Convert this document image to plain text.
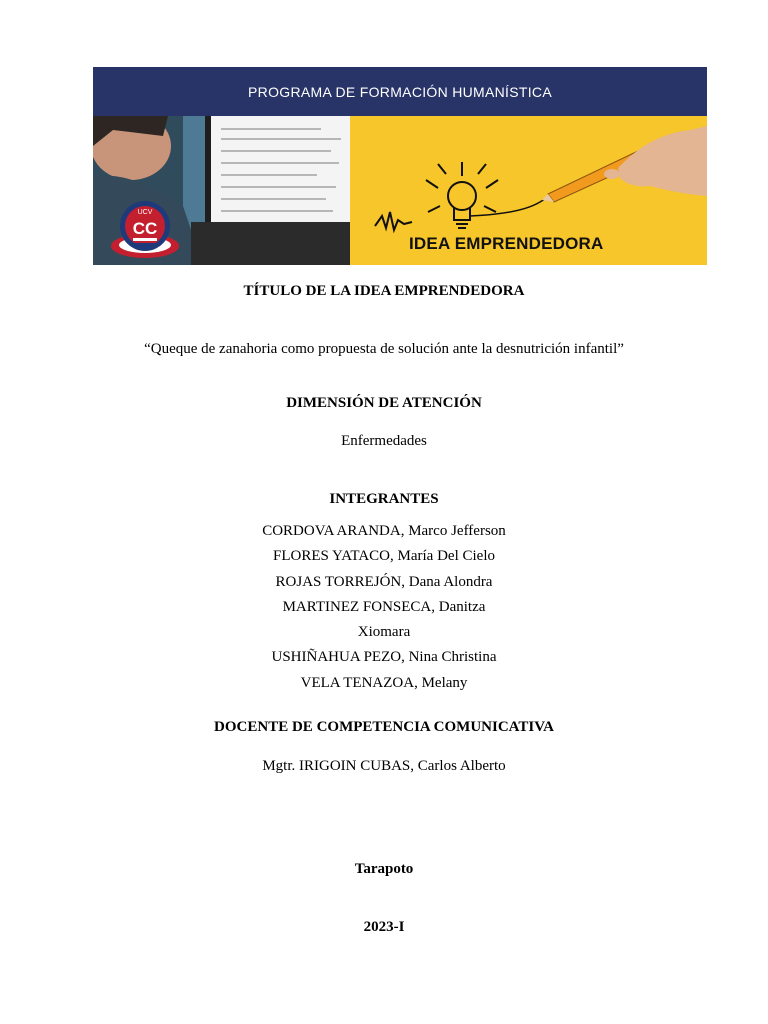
PROGRAMA DE FORMACIÓN HUMANÍSTICA
UCV
CC
IDEA EMPRENDEDORA
TÍTULO DE LA IDEA EMPRENDEDORA
“Queque de zanahoria como propuesta de solución ante la desnutrición infantil”
DIMENSIÓN DE ATENCIÓN
Enfermedades
INTEGRANTES
CORDOVA ARANDA, Marco Jefferson
FLORES YATACO, María Del Cielo
ROJAS TORREJÓN, Dana Alondra
MARTINEZ FONSECA, Danitza
Xiomara
USHIÑAHUA PEZO, Nina Christina
VELA TENAZOA, Melany
DOCENTE DE COMPETENCIA COMUNICATIVA
Mgtr. IRIGOIN CUBAS, Carlos Alberto
Tarapoto
2023-I
